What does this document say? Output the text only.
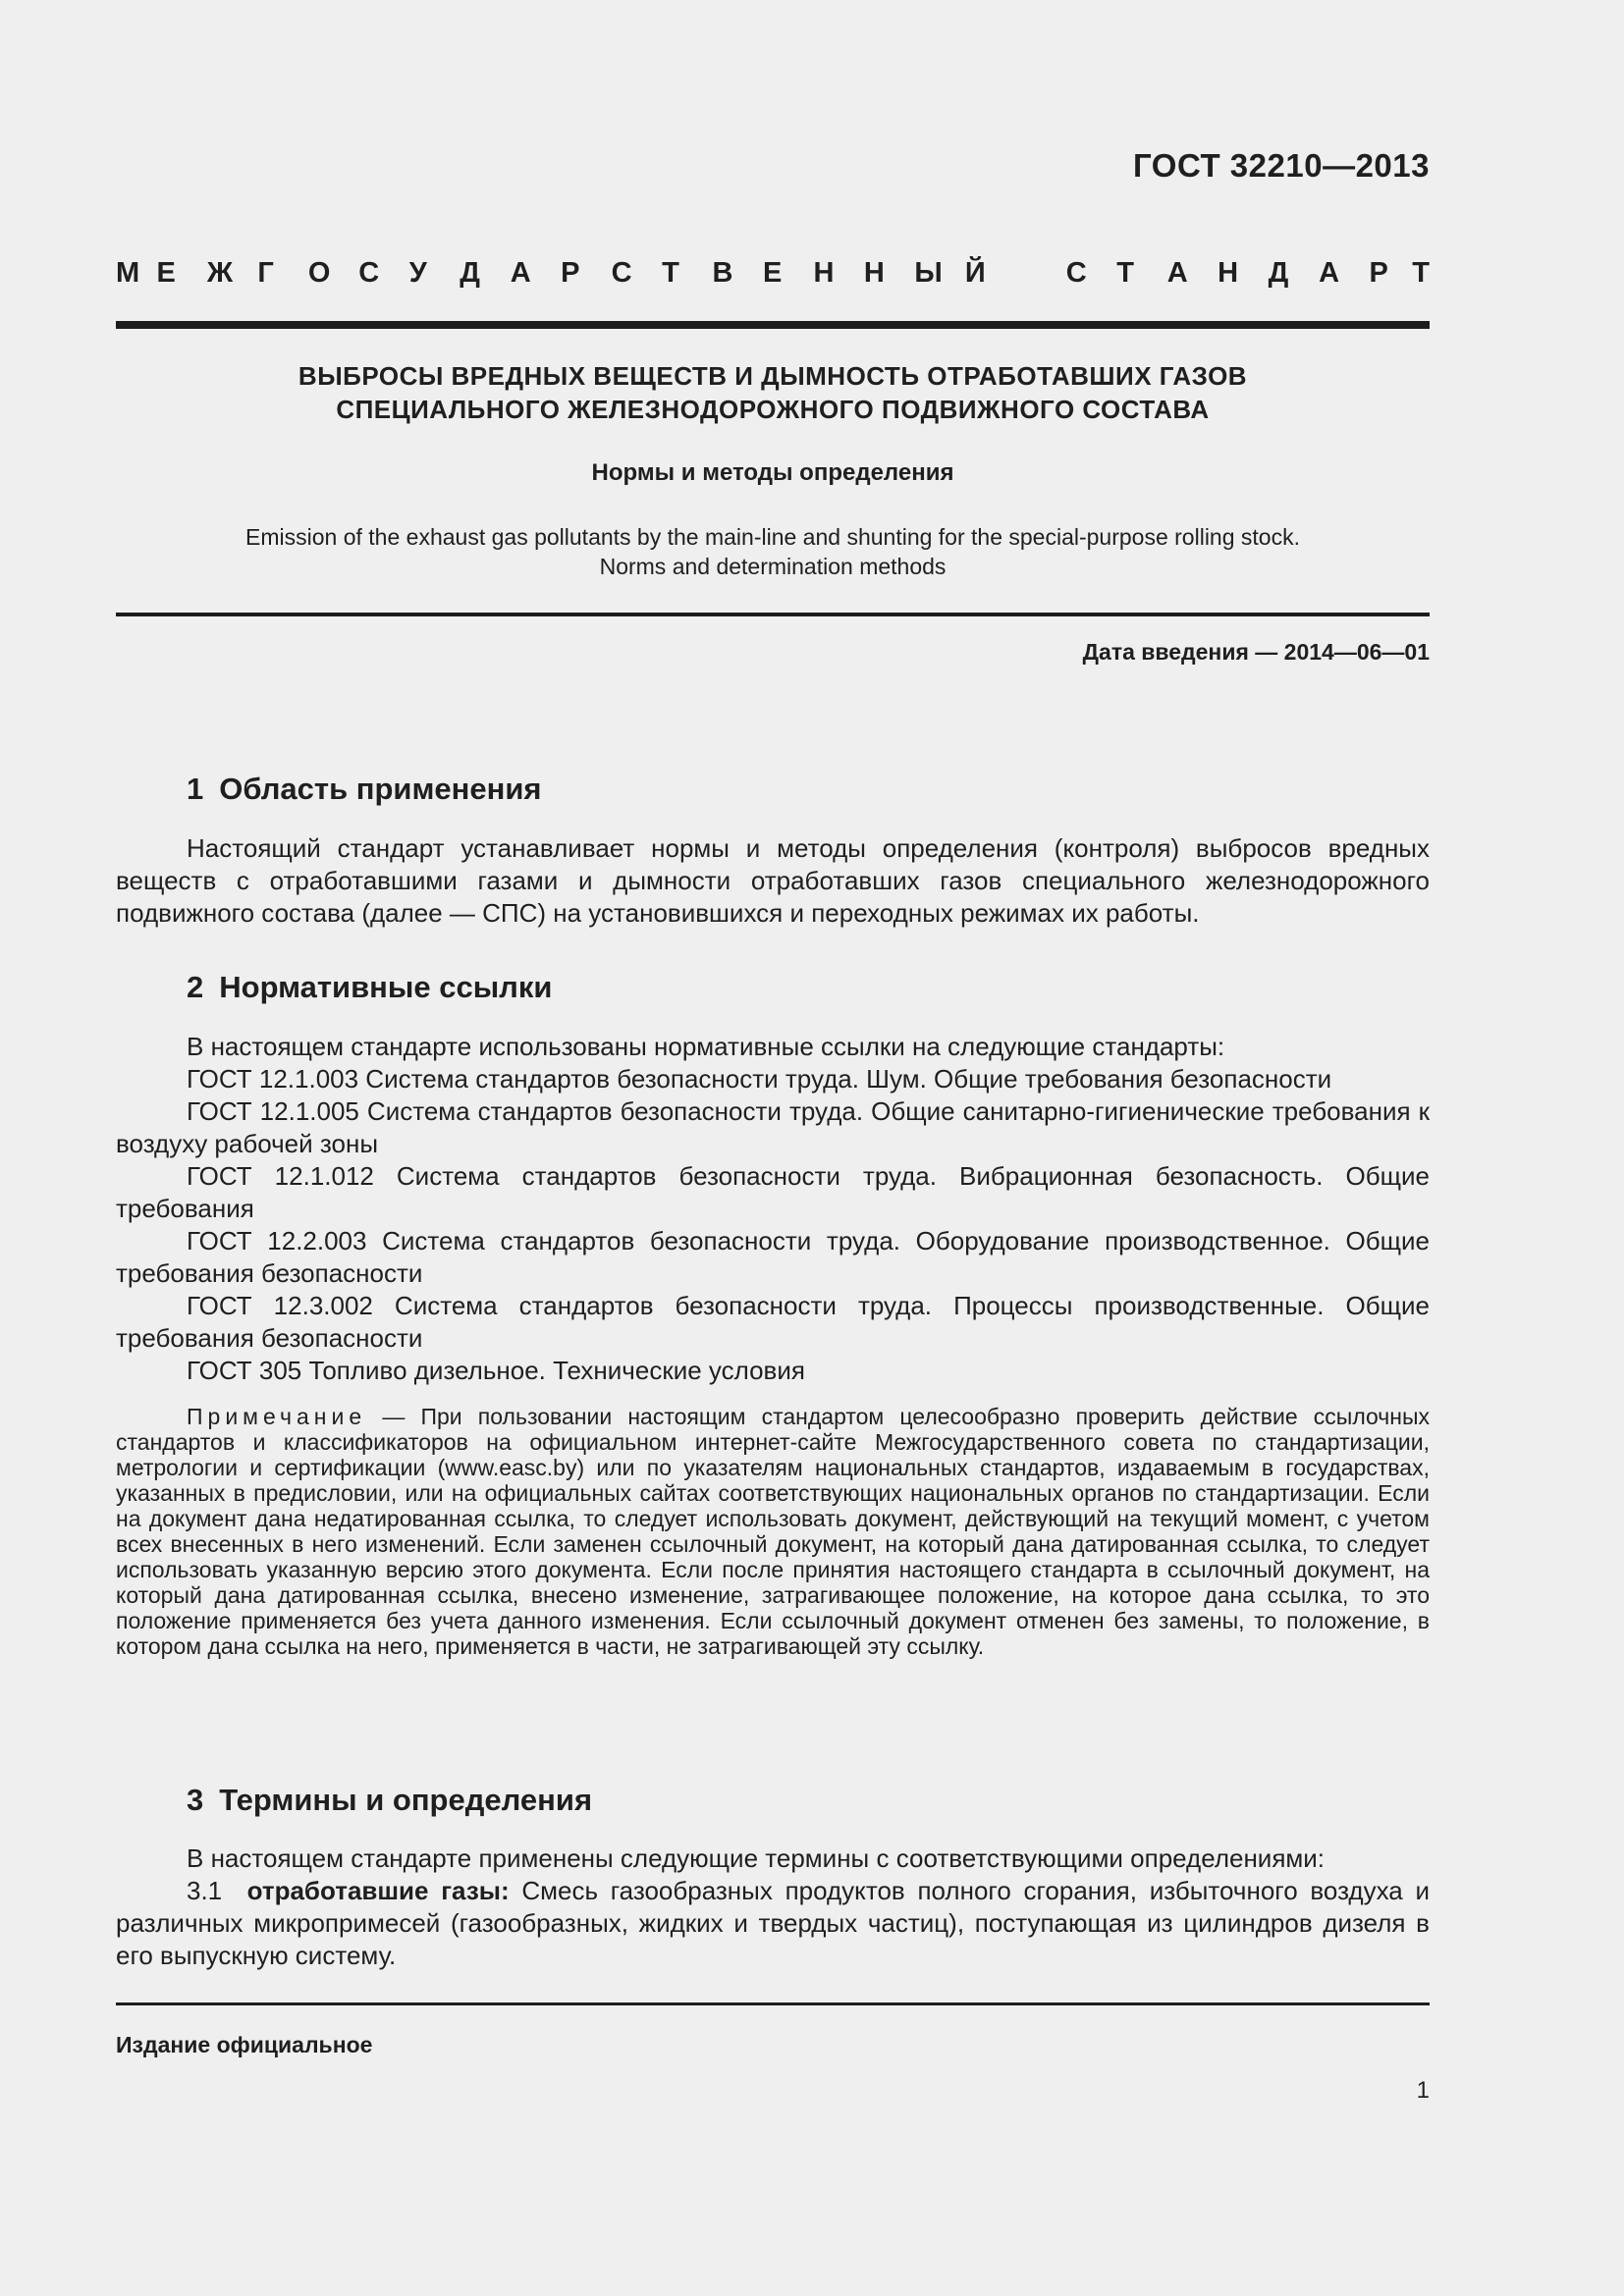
ГОСТ 32210—2013
М Е Ж Г О С У Д А Р С Т В Е Н Н Ы Й	С Т А Н Д А Р Т
ВЫБРОСЫ ВРЕДНЫХ ВЕЩЕСТВ И ДЫМНОСТЬ ОТРАБОТАВШИХ ГАЗОВ
СПЕЦИАЛЬНОГО ЖЕЛЕЗНОДОРОЖНОГО ПОДВИЖНОГО СОСТАВА
Нормы и методы определения
Emission of the exhaust gas pollutants by the main-line and shunting for the special-purpose rolling stock.
Norms and determination methods
Дата введения — 2014—06—01
1 Область применения

Настоящий стандарт устанавливает нормы и методы определения (контроля) выбросов вредных веществ с отработавшими газами и дымности отработавших газов специального железнодорожного подвижного состава (далее — СПС) на установившихся и переходных режимах их работы.

2 Нормативные ссылки

В настоящем стандарте использованы нормативные ссылки на следующие стандарты:

ГОСТ 12.1.003 Система стандартов безопасности труда. Шум. Общие требования безопасности

ГОСТ 12.1.005 Система стандартов безопасности труда. Общие санитарно-гигиенические требования к воздуху рабочей зоны

ГОСТ 12.1.012 Система стандартов безопасности труда. Вибрационная безопасность. Общие требования

ГОСТ 12.2.003 Система стандартов безопасности труда. Оборудование производственное. Общие требования безопасности

ГОСТ 12.3.002 Система стандартов безопасности труда. Процессы производственные. Общие требования безопасности

ГОСТ 305 Топливо дизельное. Технические условия

Примечание — При пользовании настоящим стандартом целесообразно проверить действие ссылочных стандартов и классификаторов на официальном интернет-сайте Межгосударственного совета по стандартизации, метрологии и сертификации (www.easc.by) или по указателям национальных стандартов, издаваемым в государствах, указанных в предисловии, или на официальных сайтах соответствующих национальных органов по стандартизации. Если на документ дана недатированная ссылка, то следует использовать документ, действующий на текущий момент, с учетом всех внесенных в него изменений. Если заменен ссылочный документ, на который дана датированная ссылка, то следует использовать указанную версию этого документа. Если после принятия настоящего стандарта в ссылочный документ, на который дана датированная ссылка, внесено изменение, затрагивающее положение, на которое дана ссылка, то это положение применяется без учета данного изменения. Если ссылочный документ отменен без замены, то положение, в котором дана ссылка на него, применяется в части, не затрагивающей эту ссылку.
3 Термины и определения

В настоящем стандарте применены следующие термины с соответствующими определениями:

3.1 отработавшие газы: Смесь газообразных продуктов полного сгорания, избыточного воздуха и различных микропримесей (газообразных, жидких и твердых частиц), поступающая из цилиндров дизеля в его выпускную систему.

Издание официальное
1
